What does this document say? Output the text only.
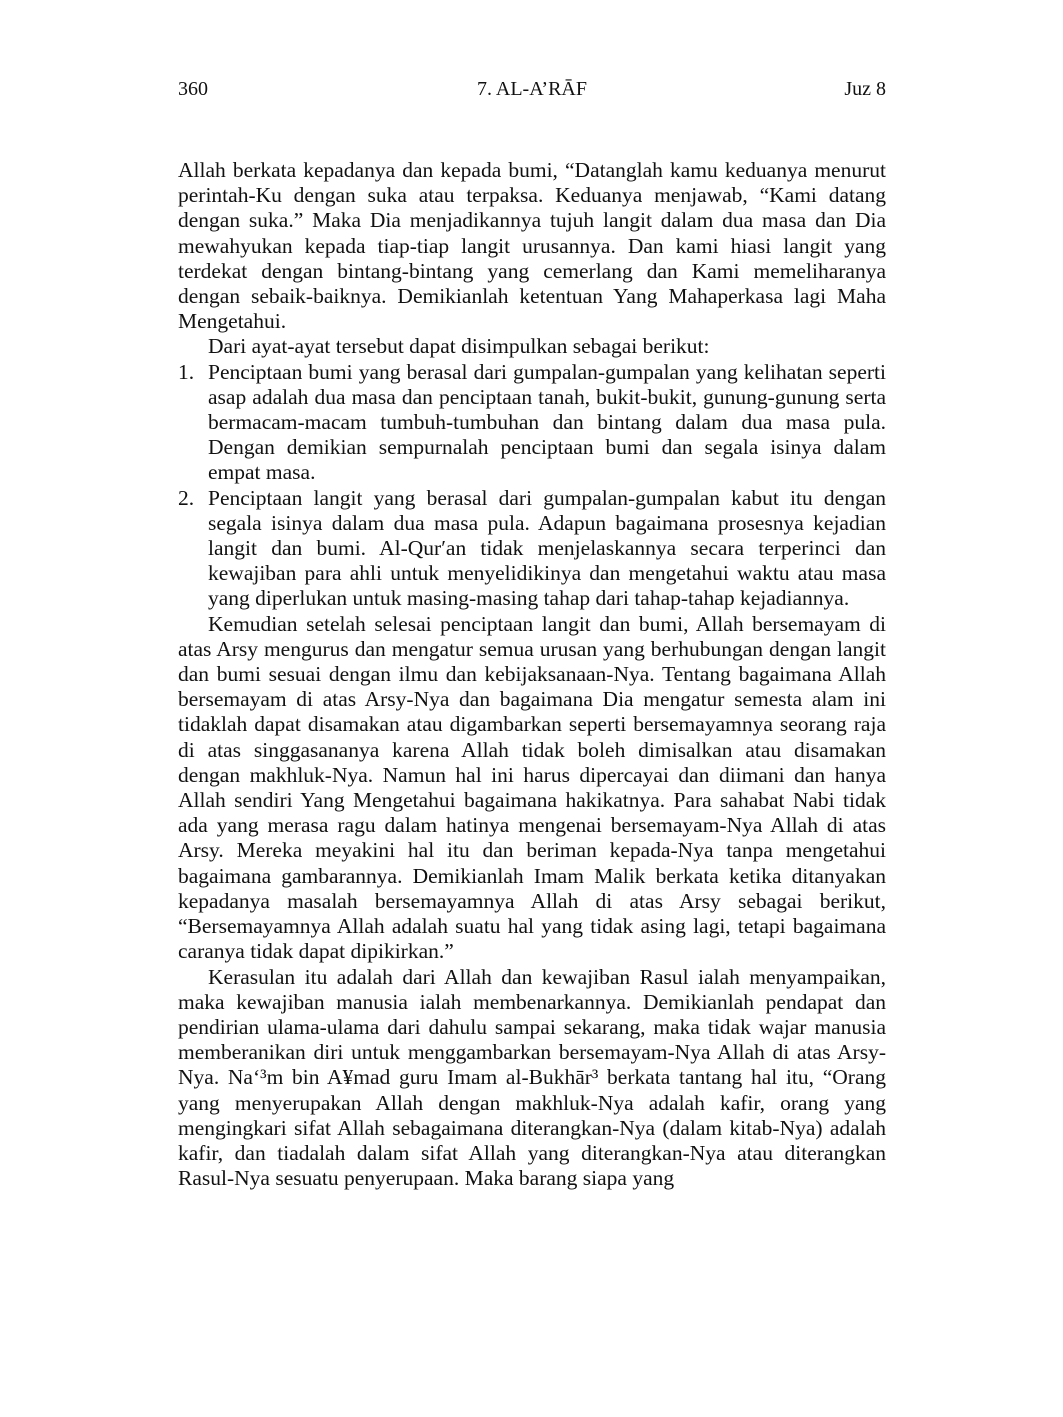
360	7. AL-A’RĀF	Juz 8

Allah berkata kepadanya dan kepada bumi, “Datanglah kamu keduanya menurut perintah-Ku dengan suka atau terpaksa. Keduanya menjawab, “Kami datang dengan suka.” Maka Dia menjadikannya tujuh langit dalam dua masa dan Dia mewahyukan kepada tiap-tiap langit urusannya. Dan kami hiasi langit yang terdekat dengan bintang-bintang yang cemerlang dan Kami memeliharanya dengan sebaik-baiknya. Demikianlah ketentuan Yang Mahaperkasa lagi Maha Mengetahui.

Dari ayat-ayat tersebut dapat disimpulkan sebagai berikut:

1. Penciptaan bumi yang berasal dari gumpalan-gumpalan yang kelihatan seperti asap adalah dua masa dan penciptaan tanah, bukit-bukit, gunung-gunung serta bermacam-macam tumbuh-tumbuhan dan bintang dalam dua masa pula. Dengan demikian sempurnalah penciptaan bumi dan segala isinya dalam empat masa.
2. Penciptaan langit yang berasal dari gumpalan-gumpalan kabut itu dengan segala isinya dalam dua masa pula. Adapun bagaimana prosesnya kejadian langit dan bumi. Al-Qur′an tidak menjelaskannya secara terperinci dan kewajiban para ahli untuk menyelidikinya dan mengetahui waktu atau masa yang diperlukan untuk masing-masing tahap dari tahap-tahap kejadiannya.

Kemudian setelah selesai penciptaan langit dan bumi, Allah bersemayam di atas Arsy mengurus dan mengatur semua urusan yang berhubungan dengan langit dan bumi sesuai dengan ilmu dan kebijaksanaan-Nya. Tentang bagaimana Allah bersemayam di atas Arsy-Nya dan bagaimana Dia mengatur semesta alam ini tidaklah dapat disamakan atau digambarkan seperti bersemayamnya seorang raja di atas singgasananya karena Allah tidak boleh dimisalkan atau disamakan dengan makhluk-Nya. Namun hal ini harus dipercayai dan diimani dan hanya Allah sendiri Yang Mengetahui bagaimana hakikatnya. Para sahabat Nabi tidak ada yang merasa ragu dalam hatinya mengenai bersemayam-Nya Allah di atas Arsy. Mereka meyakini hal itu dan beriman kepada-Nya tanpa mengetahui bagaimana gambarannya. Demikianlah Imam Malik berkata ketika ditanyakan kepadanya masalah bersemayamnya Allah di atas Arsy sebagai berikut, “Bersemayamnya Allah adalah suatu hal yang tidak asing lagi, tetapi bagaimana caranya tidak dapat dipikirkan.”

Kerasulan itu adalah dari Allah dan kewajiban Rasul ialah menyampaikan, maka kewajiban manusia ialah membenarkannya. Demikianlah pendapat dan pendirian ulama-ulama dari dahulu sampai sekarang, maka tidak wajar manusia memberanikan diri untuk menggambarkan bersemayam-Nya Allah di atas Arsy-Nya. Na‘³m bin A¥mad guru Imam al-Bukhār³ berkata tantang hal itu, “Orang yang menyerupakan Allah dengan makhluk-Nya adalah kafir, orang yang mengingkari sifat Allah sebagaimana diterangkan-Nya (dalam kitab-Nya) adalah kafir, dan tiadalah dalam sifat Allah yang diterangkan-Nya atau diterangkan Rasul-Nya sesuatu penyerupaan. Maka barang siapa yang
